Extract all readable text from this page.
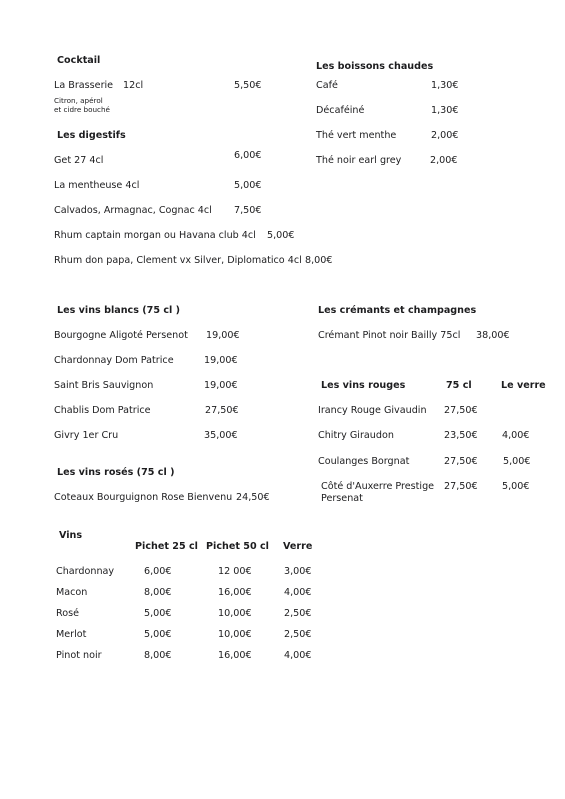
Cocktail
La Brasserie 12cl	5,50€
Citron, apérol
et cidre bouché
Les digestifs
Get 27 4cl	6,00€
La mentheuse 4cl	5,00€
Calvados, Armagnac, Cognac 4cl 7,50€
Rhum captain morgan ou Havana club 4cl 5,00€
Rhum don papa, Clement vx Silver, Diplomatico 4cl 8,00€
Les boissons chaudes
Café	1,30€
Décaféiné	1,30€
Thé vert menthe	2,00€
Thé noir earl grey	2,00€
Les vins blancs (75 cl )
Bourgogne Aligoté Persenot 19,00€
Chardonnay Dom Patrice	19,00€
Saint Bris Sauvignon	19,00€
Chablis Dom Patrice	27,50€
Givry 1er Cru	35,00€
Les vins rosés (75 cl )
Coteaux Bourguignon Rose Bienvenu 24,50€
Les crémants et champagnes
Crémant Pinot noir Bailly 75cl 38,00€
Les vins rouges	75 cl	Le verre
Irancy Rouge Givaudin 27,50€
Chitry Giraudon	23,50€	4,00€
Coulanges Borgnat	27,50€	5,00€
Côté d'Auxerre Prestige
Persenat
27,50€	5,00€
Vins
Pichet 25 cl Pichet 50 cl Verre
Chardonnay	6,00€	12 00€	3,00€
Macon	8,00€	16,00€	4,00€
Rosé	5,00€	10,00€	2,50€
Merlot	5,00€	10,00€	2,50€
Pinot noir	8,00€	16,00€	4,00€
